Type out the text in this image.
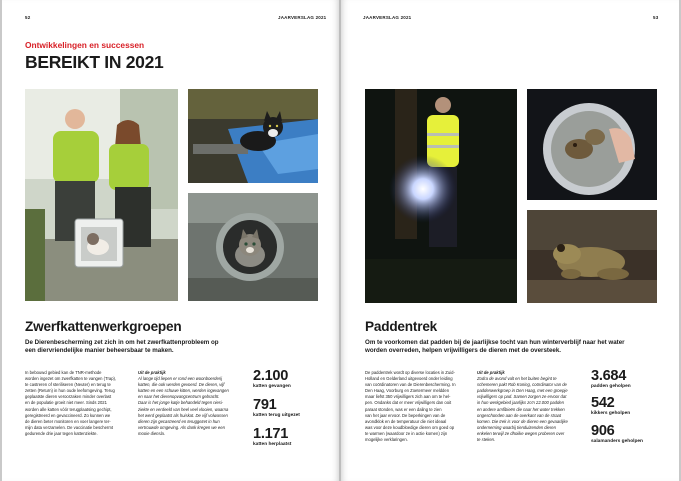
52	JAARVERSLAG 2021
Ontwikkelingen en successen
BEREIKT IN 2021
Zwerfkattenwerkgroepen
De Dierenbescherming zet zich in om het zwerfkattenprobleem op een diervriendelijke manier beheersbaar te maken.
In bebouwd gebied kan de TNR-methode
worden ingezet om zwerfkatten te vangen (Trap),
te castreren of steriliseren (Neuter) en terug te
zetten (Return) in hun oude leefomgeving. Terug
geplaatste dieren veroorzaken minder overlast
en de populatie groeit niet meer. Sinds 2021
worden alle katten vóór terugplaatsing gechipt,
geregistreerd en gevaccineerd. Zo kunnen we
de dieren beter monitoren en voer langere ter-
mijn data verzamelen. De vaccinatie beschermt
gedurende drie jaar tegen kattenziekte.
Uit de praktijk
Al lange tijd liepen er rond een woonboerderij
katten, die ook werden gevoerd. De dieren, vijf
katten en een schuwe kitten, werden ingevangen
en naar het dierenopvangcentrum gebracht.
Daar is het jonge katje behandeld tegen niesi-
ziekte en verdeeld van heel veel vlooien, waarna
het werd geplaatst als huiskat. De vijf volwassen
dieren zijn gecastreerd en teruggezet in hun
vertrouwde omgeving. Als dank kregen we een
mooie diensla.
2.100
katten gevangen
791
katten terug uitgezet
1.171
katten herplaatst
JAARVERSLAG 2021	53
Paddentrek
Om te voorkomen dat padden bij de jaarlijkse tocht van hun winterverblijf naar het water worden overreden, helpen vrijwilligers de dieren met de oversteek.
De paddentrek wordt op diverse locaties in Zuid-
Holland en Gelderland uitgevoerd onder leiding
van coördinatoren van de Dierenbescherming. In
Den Haag, Voorburg en Zoetermeer meldden
maar liefst 350 vrijwilligers zich aan om te hel-
pen. Ondanks dat er meer vrijwilligers dan ooit
paraat stonden, was er een daling te zien
van het jaar ervoor. De beperkingen van de
avondklok en de temperatuur die niet ideaal
was voor deze koudbloedige dieren om goed op
te warmen (waardoor ze in actie komen) zijn
mogelijke verklaringen.
Uit de praktijk
Zodra de avond valt en het buiten begint te
schemeren pakt Rob Koning, coördinator van de
paddenwerkgroep in Den Haag, met een groepje
vrijwilligers op pad. Samen zorgen ze ervoor dat
in hun werkgebied jaarlijks zo'n 22.000 padden
en andere amfibieën die naar het water trekken
ongeschonden aan de overkant van de straat
komen. Die trek is voor de dieren een gevaarlijke
onderneming waarbij tienduizenden dieren
enkelen terwijl ze dhoiike wegen proberen over
te steken.
3.684
padden geholpen
542
kikkers geholpen
906
salamanders geholpen
